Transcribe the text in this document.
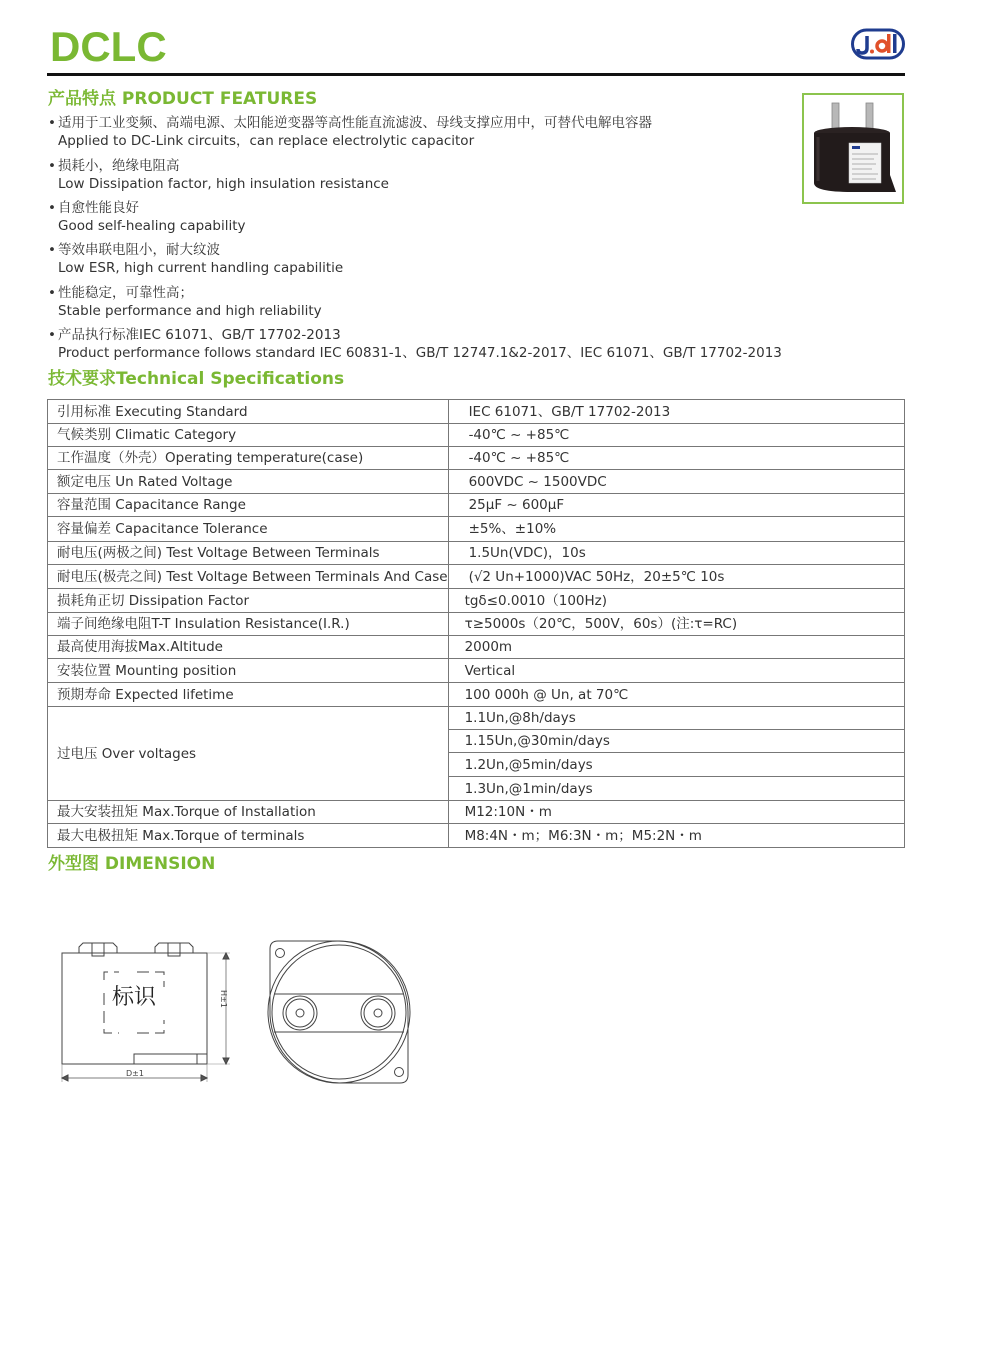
DCLC
产品特点 PRODUCT FEATURES
• 适用于工业变频、高端电源、太阳能逆变器等高性能直流滤波、母线支撑应用中，可替代电解电容器
Applied to DC-Link circuits，can replace electrolytic capacitor
• 损耗小，绝缘电阻高
Low Dissipation factor, high insulation resistance
• 自愈性能良好
Good self-healing capability
• 等效串联电阻小，耐大纹波
Low ESR, high current handling capabilitie
• 性能稳定，可靠性高；
Stable performance and high reliability
• 产品执行标准IEC 61071、GB/T 17702-2013
Product performance follows standard IEC 60831-1、GB/T 12747.1&2-2017、IEC 61071、GB/T 17702-2013
技术要求Technical Specifications
引用标准 Executing Standard	IEC 61071、GB/T 17702-2013
气候类别 Climatic Category	-40℃ ~ +85℃
工作温度（外壳）Operating temperature(case)	-40℃ ~ +85℃
额定电压 Un Rated Voltage	600VDC ~ 1500VDC
容量范围 Capacitance Range	25μF ~ 600μF
容量偏差 Capacitance Tolerance	±5%、±10%
耐电压(两极之间) Test Voltage Between Terminals	1.5Un(VDC)，10s
耐电压(极壳之间) Test Voltage Between Terminals And Case	(√2 Un+1000)VAC 50Hz，20±5℃ 10s
损耗角正切 Dissipation Factor	tgδ≤0.0010（100Hz)
端子间绝缘电阻T-T Insulation Resistance(I.R.)	τ≥5000s（20℃，500V，60s）(注:τ=RC)
最高使用海拔Max.Altitude	2000m
安装位置 Mounting position	Vertical
预期寿命 Expected lifetime	100 000h @ Un, at 70℃
过电压 Over voltages	1.1Un,@8h/days
	1.15Un,@30min/days
	1.2Un,@5min/days
	1.3Un,@1min/days
最大安装扭矩 Max.Torque of Installation	M12:10N・m
最大电极扭矩 Max.Torque of terminals	M8:4N・m；M6:3N・m；M5:2N・m
外型图 DIMENSION
标识	H±1
D±1
